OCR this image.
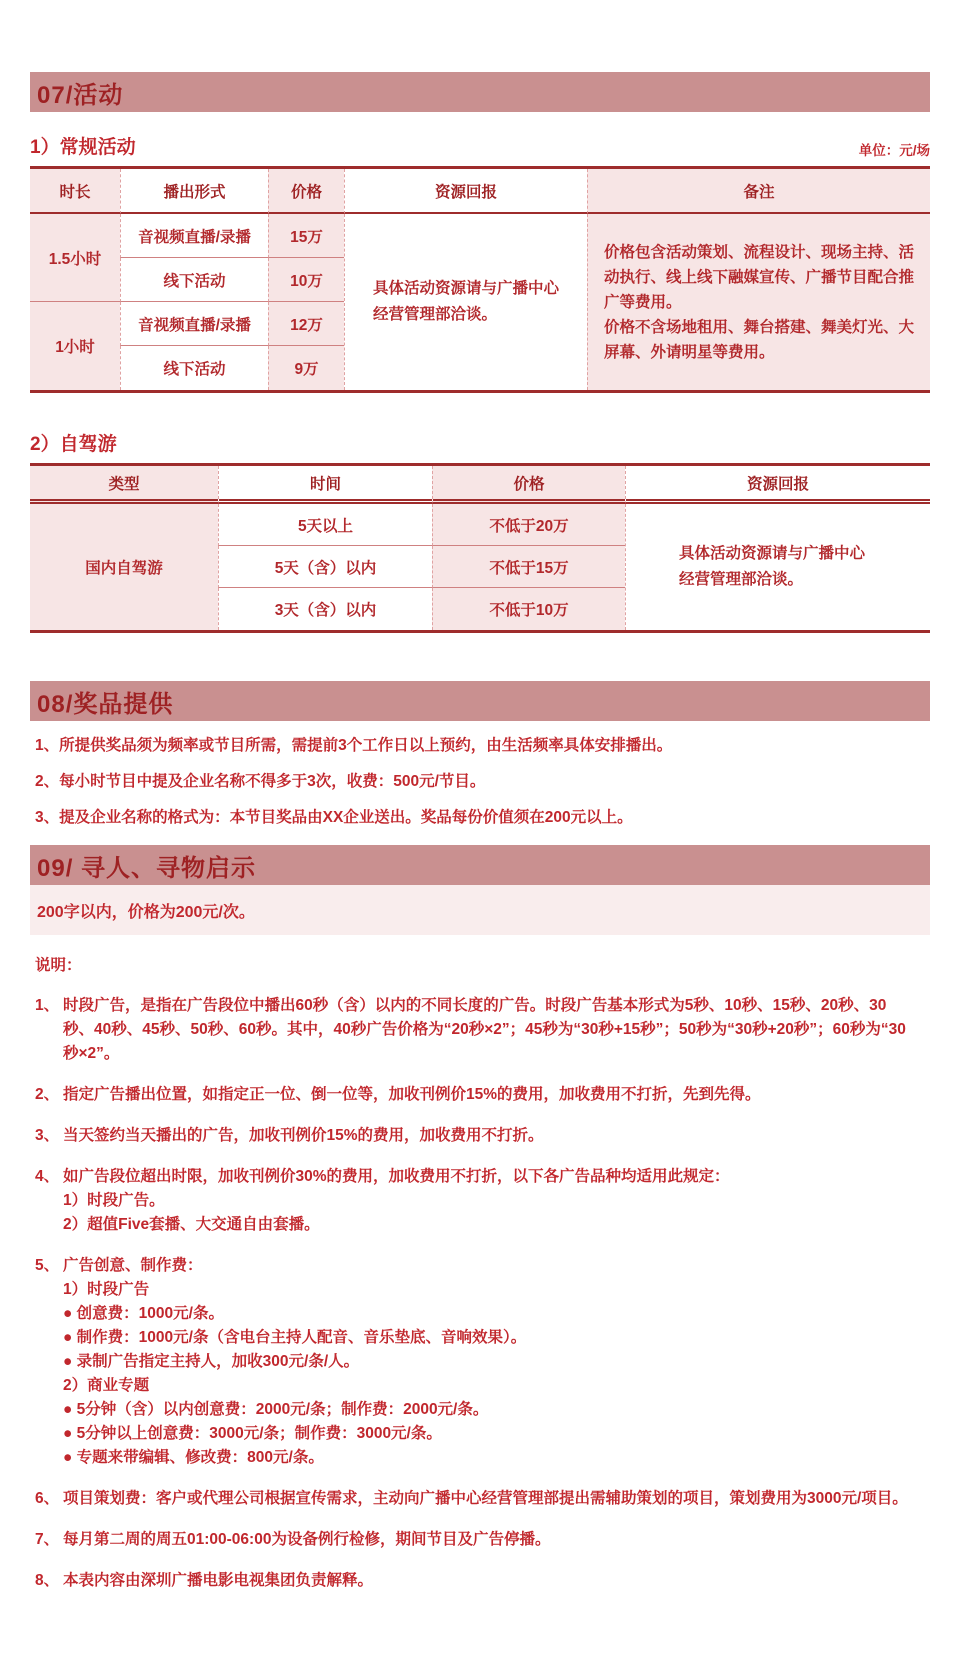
07/活动
1）常规活动	单位：元/场
时长	播出形式	价格	资源回报	备注
1.5小时
音视频直播/录播	15万
线下活动	10万
1小时
音视频直播/录播	12万
线下活动	9万
具体活动资源请与广播中心经营管理部洽谈。
价格包含活动策划、流程设计、现场主持、活动执行、线上线下融媒宣传、广播节目配合推广等费用。
价格不含场地租用、舞台搭建、舞美灯光、大屏幕、外请明星等费用。
2）自驾游
类型	时间	价格	资源回报
国内自驾游
5天以上	不低于20万
5天（含）以内	不低于15万
3天（含）以内	不低于10万
具体活动资源请与广播中心
经营管理部洽谈。
08/奖品提供
1、所提供奖品须为频率或节目所需，需提前3个工作日以上预约，由生活频率具体安排播出。
2、每小时节目中提及企业名称不得多于3次，收费：500元/节目。
3、提及企业名称的格式为：本节目奖品由XX企业送出。奖品每份价值须在200元以上。
09/ 寻人、寻物启示
200字以内，价格为200元/次。
说明：
1、 时段广告，是指在广告段位中播出60秒（含）以内的不同长度的广告。时段广告基本形式为5秒、10秒、15秒、20秒、30秒、40秒、45秒、50秒、60秒。其中，40秒广告价格为“20秒×2”；45秒为“30秒+15秒”；50秒为“30秒+20秒”；60秒为“30秒×2”。
2、 指定广告播出位置，如指定正一位、倒一位等，加收刊例价15%的费用，加收费用不打折，先到先得。
3、 当天签约当天播出的广告，加收刊例价15%的费用，加收费用不打折。
4、 如广告段位超出时限，加收刊例价30%的费用，加收费用不打折，以下各广告品种均适用此规定：
1）时段广告。
2）超值Five套播、大交通自由套播。
5、 广告创意、制作费：
1）时段广告
● 创意费：1000元/条。
● 制作费：1000元/条（含电台主持人配音、音乐垫底、音响效果）。
● 录制广告指定主持人，加收300元/条/人。
2）商业专题
● 5分钟（含）以内创意费：2000元/条；制作费：2000元/条。
● 5分钟以上创意费：3000元/条；制作费：3000元/条。
● 专题来带编辑、修改费：800元/条。
6、 项目策划费：客户或代理公司根据宣传需求，主动向广播中心经营管理部提出需辅助策划的项目，策划费用为3000元/项目。
7、 每月第二周的周五01:00-06:00为设备例行检修，期间节目及广告停播。
8、 本表内容由深圳广播电影电视集团负责解释。
